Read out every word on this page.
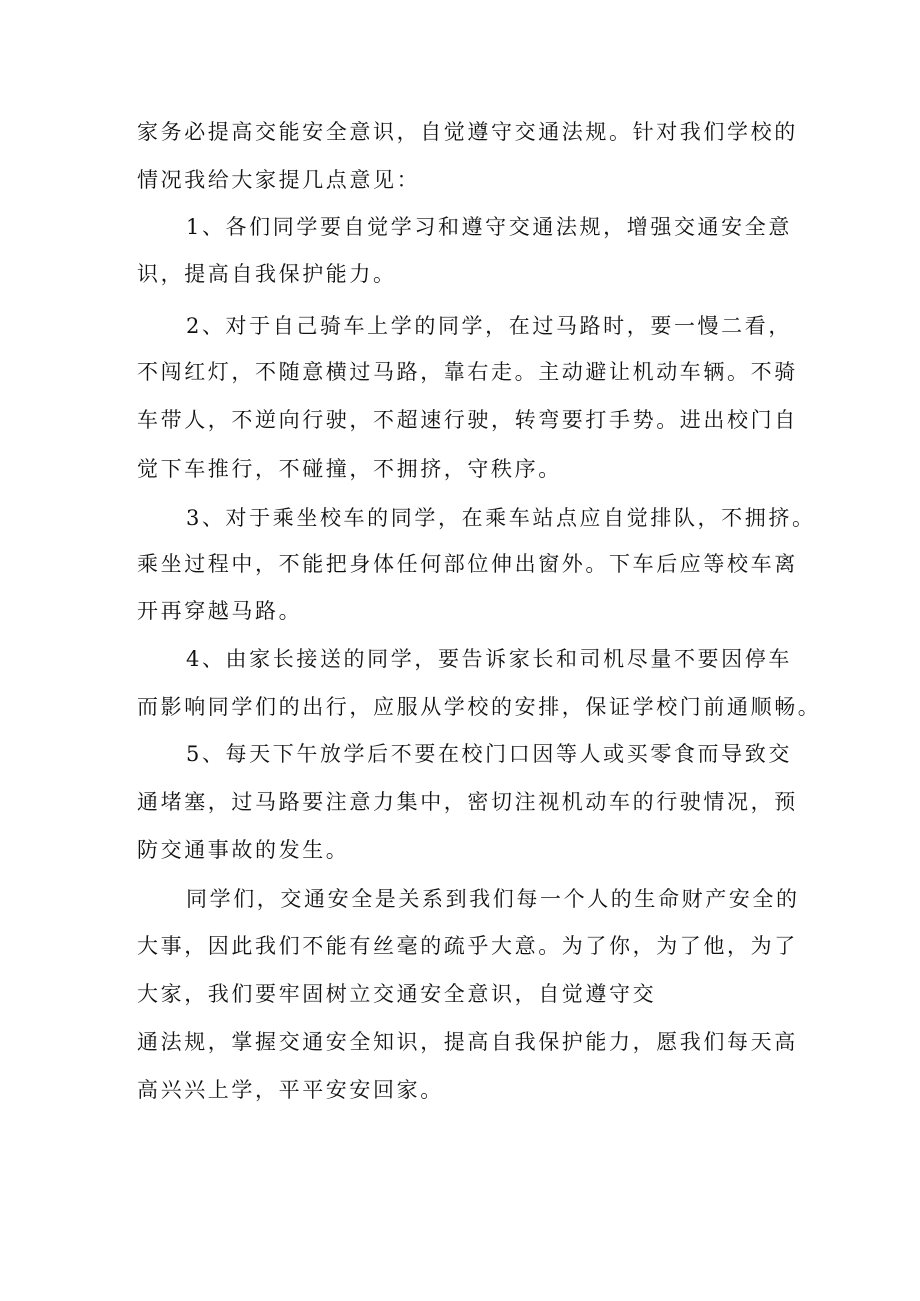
家务必提高交能安全意识，自觉遵守交通法规。针对我们学校的
情况我给大家提几点意见：
1、各们同学要自觉学习和遵守交通法规，增强交通安全意
识，提高自我保护能力。
2、对于自己骑车上学的同学，在过马路时，要一慢二看，
不闯红灯，不随意横过马路，靠右走。主动避让机动车辆。不骑
车带人，不逆向行驶，不超速行驶，转弯要打手势。进出校门自
觉下车推行，不碰撞，不拥挤，守秩序。
3、对于乘坐校车的同学，在乘车站点应自觉排队，不拥挤。
乘坐过程中，不能把身体任何部位伸出窗外。下车后应等校车离
开再穿越马路。
4、由家长接送的同学，要告诉家长和司机尽量不要因停车
而影响同学们的出行，应服从学校的安排，保证学校门前通顺畅。
5、每天下午放学后不要在校门口因等人或买零食而导致交
通堵塞，过马路要注意力集中，密切注视机动车的行驶情况，预
防交通事故的发生。
同学们，交通安全是关系到我们每一个人的生命财产安全的
大事，因此我们不能有丝毫的疏乎大意。为了你，为了他，为了
大家，我们要牢固树立交通安全意识，自觉遵守交
通法规，掌握交通安全知识，提高自我保护能力，愿我们每天高
高兴兴上学，平平安安回家。
